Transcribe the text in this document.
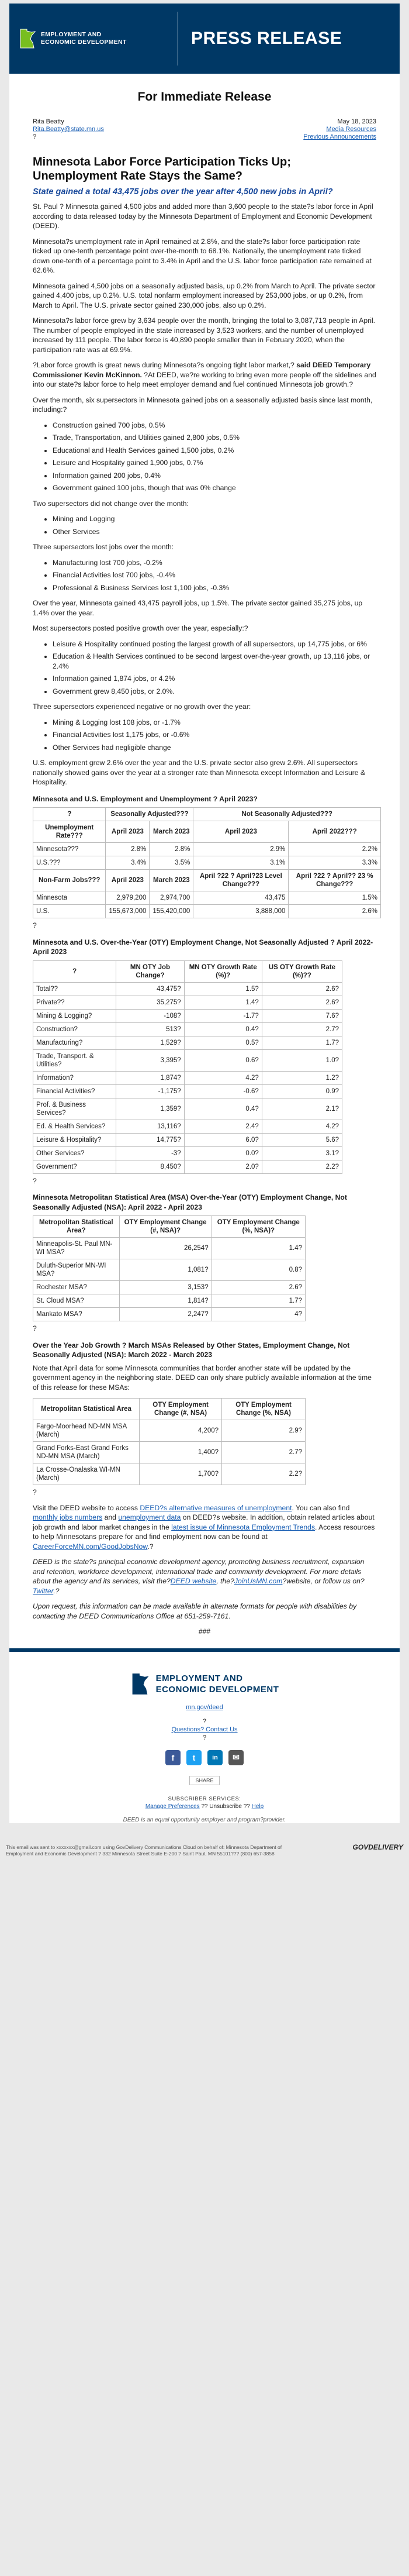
EMPLOYMENT AND
ECONOMIC DEVELOPMENT	PRESS RELEASE
For Immediate Release
Rita Beatty
Rita.Beatty@state.mn.us
?
May 18, 2023
Media Resources
Previous Announcements
Minnesota Labor Force Participation Ticks Up; Unemployment Rate Stays the Same?
State gained a total 43,475 jobs over the year after 4,500 new jobs in April?

St. Paul ? Minnesota gained 4,500 jobs and added more than 3,600 people to the state?s labor force in April according to data released today by the Minnesota Department of Employment and Economic Development (DEED).

Minnesota?s unemployment rate in April remained at 2.8%, and the state?s labor force participation rate ticked up one-tenth percentage point over-the-month to 68.1%. Nationally, the unemployment rate ticked down one-tenth of a percentage point to 3.4% in April and the U.S. labor force participation rate remained at 62.6%.

Minnesota gained 4,500 jobs on a seasonally adjusted basis, up 0.2% from March to April. The private sector gained 4,400 jobs, up 0.2%. U.S. total nonfarm employment increased by 253,000 jobs, or up 0.2%, from March to April. The U.S. private sector gained 230,000 jobs, also up 0.2%.

Minnesota?s labor force grew by 3,634 people over the month, bringing the total to 3,087,713 people in April. The number of people employed in the state increased by 3,523 workers, and the number of unemployed increased by 111 people. The labor force is 40,890 people smaller than in February 2020, when the participation rate was at 69.9%.

?Labor force growth is great news during Minnesota?s ongoing tight labor market,? said DEED Temporary Commissioner Kevin McKinnon. ?At DEED, we?re working to bring even more people off the sidelines and into our state?s labor force to help meet employer demand and fuel continued Minnesota job growth.?

Over the month, six supersectors in Minnesota gained jobs on a seasonally adjusted basis since last month, including:?

• Construction gained 700 jobs, 0.5%
• Trade, Transportation, and Utilities gained 2,800 jobs, 0.5%
• Educational and Health Services gained 1,500 jobs, 0.2%
• Leisure and Hospitality gained 1,900 jobs, 0.7%
• Information gained 200 jobs, 0.4%
• Government gained 100 jobs, though that was 0% change

Two supersectors did not change over the month:

• Mining and Logging
• Other Services

Three supersectors lost jobs over the month:

• Manufacturing lost 700 jobs, -0.2%
• Financial Activities lost 700 jobs, -0.4%
• Professional & Business Services lost 1,100 jobs, -0.3%

Over the year, Minnesota gained 43,475 payroll jobs, up 1.5%. The private sector gained 35,275 jobs, up 1.4% over the year.

Most supersectors posted positive growth over the year, especially:?

• Leisure & Hospitality continued posting the largest growth of all supersectors, up 14,775 jobs, or 6%
• Education & Health Services continued to be second largest over-the-year growth, up 13,116 jobs, or 2.4%
• Information gained 1,874 jobs, or 4.2%
• Government grew 8,450 jobs, or 2.0%.

Three supersectors experienced negative or no growth over the year:

• Mining & Logging lost 108 jobs, or -1.7%
• Financial Activities lost 1,175 jobs, or -0.6%
• Other Services had negligible change

U.S. employment grew 2.6% over the year and the U.S. private sector also grew 2.6%. All supersectors nationally showed gains over the year at a stronger rate than Minnesota except Information and Leisure & Hospitality.

Minnesota and U.S. Employment and Unemployment ? April 2023?
?	Seasonally Adjusted???		Not Seasonally Adjusted???	
Unemployment Rate???	April 2023	March 2023	April 2023	April 2022???
Minnesota???	2.8%	2.8%	2.9%	2.2%
U.S.???	3.4%	3.5%	3.1%	3.3%
Non-Farm Jobs???	April 2023	March 2023	April ?22 ? April?23 Level Change???	April ?22 ? April?? 23 % Change???
Minnesota	2,979,200	2,974,700	43,475	1.5%
U.S.	155,673,000	155,420,000	3,888,000	2.6%
?
Minnesota and U.S. Over-the-Year (OTY) Employment Change, Not Seasonally Adjusted ? April 2022-April 2023
?	MN OTY Job Change?	MN OTY Growth Rate (%)?	US OTY Growth Rate (%)??
Total??	43,475?	1.5?	2.6?
Private??	35,275?	1.4?	2.6?
Mining & Logging?	-108?	-1.7?	7.6?
Construction?	513?	0.4?	2.7?
Manufacturing?	1,529?	0.5?	1.7?
Trade, Transport. & Utilities?	3,395?	0.6?	1.0?
Information?	1,874?	4.2?	1.2?
Financial Activities?	-1,175?	-0.6?	0.9?
Prof. & Business Services?	1,359?	0.4?	2.1?
Ed. & Health Services?	13,116?	2.4?	4.2?
Leisure & Hospitality?	14,775?	6.0?	5.6?
Other Services?	-3?	0.0?	3.1?
Government?	8,450?	2.0?	2.2?
?
Minnesota Metropolitan Statistical Area (MSA) Over-the-Year (OTY) Employment Change, Not Seasonally Adjusted (NSA): April 2022 - April 2023
Metropolitan Statistical Area?	OTY Employment Change (#, NSA)?	OTY Employment Change (%, NSA)?
Minneapolis-St. Paul MN-WI MSA?	26,254?	1.4?
Duluth-Superior MN-WI MSA?	1,081?	0.8?
Rochester MSA?	3,153?	2.6?
St. Cloud MSA?	1,814?	1.7?
Mankato MSA?	2,247?	4?
?
Over the Year Job Growth ? March MSAs Released by Other States, Employment Change, Not Seasonally Adjusted (NSA): March 2022 - March 2023

Note that April data for some Minnesota communities that border another state will be updated by the government agency in the neighboring state. DEED can only share publicly available information at the time of this release for these MSAs:

Metropolitan Statistical Area	OTY Employment Change (#, NSA)	OTY Employment Change (%, NSA)
Fargo-Moorhead ND-MN MSA (March)	4,200?	2.9?
Grand Forks-East Grand Forks ND-MN MSA (March)	1,400?	2.7?
La Crosse-Onalaska WI-MN (March)	1,700?	2.2?
?

Visit the DEED website to access DEED?s alternative measures of unemployment. You can also find monthly jobs numbers and unemployment data on DEED?s website. In addition, obtain related articles about job growth and labor market changes in the latest issue of Minnesota Employment Trends. Access resources to help Minnesotans prepare for and find employment now can be found at CareerForceMN.com/GoodJobsNow.?

DEED is the state?s principal economic development agency, promoting business recruitment, expansion and retention, workforce development, international trade and community development. For more details about the agency and its services, visit the?DEED website, the?JoinUsMN.com?website, or follow us on?Twitter.?

Upon request, this information can be made available in alternate formats for people with disabilities by contacting the DEED Communications Office at 651-259-7161.

###
EMPLOYMENT AND
ECONOMIC DEVELOPMENT
mn.gov/deed
?
Questions? Contact Us
?
f	t	in	✉
SHARE
SUBSCRIBER SERVICES:
Manage Preferences ?? Unsubscribe ?? Help
DEED is an equal opportunity employer and program?provider.
This email was sent to xxxxxxx@gmail.com using GovDelivery Communications Cloud on behalf of: Minnesota Department of Employment and Economic Development ? 332 Minnesota Street Suite E-200 ? Saint Paul, MN 55101??? (800) 657-3858
GOVDELIVERY
